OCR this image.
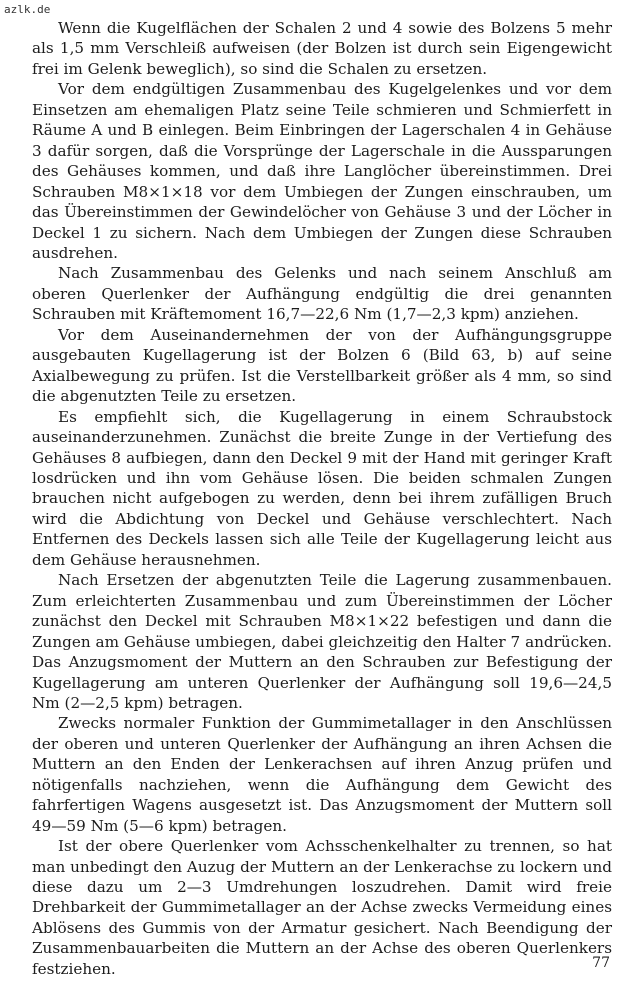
azlk.de

Wenn die Kugelflächen der Schalen 2 und 4 sowie des Bolzens 5 mehr als 1,5 mm Verschleiß aufweisen (der Bolzen ist durch sein Eigengewicht frei im Gelenk beweglich), so sind die Schalen zu ersetzen.

Vor dem endgültigen Zusammenbau des Kugelgelenkes und vor dem Einsetzen am ehemaligen Platz seine Teile schmieren und Schmierfett in Räume A und B einlegen. Beim Einbringen der Lagerschalen 4 in Gehäuse 3 dafür sorgen, daß die Vorsprünge der Lagerschale in die Aussparungen des Gehäuses kommen, und daß ihre Langlöcher übereinstimmen. Drei Schrauben M8×1×18 vor dem Umbiegen der Zungen einschrauben, um das Übereinstimmen der Gewindelöcher von Gehäuse 3 und der Löcher in Deckel 1 zu sichern. Nach dem Umbiegen der Zungen diese Schrauben ausdrehen.

Nach Zusammenbau des Gelenks und nach seinem Anschluß am oberen Querlenker der Aufhängung endgültig die drei genannten Schrauben mit Kräftemoment 16,7—22,6 Nm (1,7—2,3 kpm) anziehen.

Vor dem Auseinandernehmen der von der Aufhängungsgruppe ausgebauten Kugellagerung ist der Bolzen 6 (Bild 63, b) auf seine Axialbewegung zu prüfen. Ist die Verstellbarkeit größer als 4 mm, so sind die abgenutzten Teile zu ersetzen.

Es empfiehlt sich, die Kugellagerung in einem Schraubstock auseinanderzunehmen. Zunächst die breite Zunge in der Vertiefung des Gehäuses 8 aufbiegen, dann den Deckel 9 mit der Hand mit geringer Kraft losdrücken und ihn vom Gehäuse lösen. Die beiden schmalen Zungen brauchen nicht aufgebogen zu werden, denn bei ihrem zufälligen Bruch wird die Abdichtung von Deckel und Gehäuse verschlechtert. Nach Entfernen des Deckels lassen sich alle Teile der Kugellagerung leicht aus dem Gehäuse herausnehmen.

Nach Ersetzen der abgenutzten Teile die Lagerung zusammenbauen. Zum erleichterten Zusammenbau und zum Übereinstimmen der Löcher zunächst den Deckel mit Schrauben M8×1×22 befestigen und dann die Zungen am Gehäuse umbiegen, dabei gleichzeitig den Halter 7 andrücken. Das Anzugsmoment der Muttern an den Schrauben zur Befestigung der Kugellagerung am unteren Querlenker der Aufhängung soll 19,6—24,5 Nm (2—2,5 kpm) betragen.

Zwecks normaler Funktion der Gummimetallager in den Anschlüssen der oberen und unteren Querlenker der Aufhängung an ihren Achsen die Muttern an den Enden der Lenkerachsen auf ihren Anzug prüfen und nötigenfalls nachziehen, wenn die Aufhängung dem Gewicht des fahrfertigen Wagens ausgesetzt ist. Das Anzugsmoment der Muttern soll 49—59 Nm (5—6 kpm) betragen.

Ist der obere Querlenker vom Achsschenkelhalter zu trennen, so hat man unbedingt den Auzug der Muttern an der Lenkerachse zu lockern und diese dazu um 2—3 Umdrehungen loszudrehen. Damit wird freie Drehbarkeit der Gummimetallager an der Achse zwecks Vermeidung eines Ablösens des Gummis von der Armatur gesichert. Nach Beendigung der Zusammenbauarbeiten die Muttern an der Achse des oberen Querlenkers festziehen.	77
